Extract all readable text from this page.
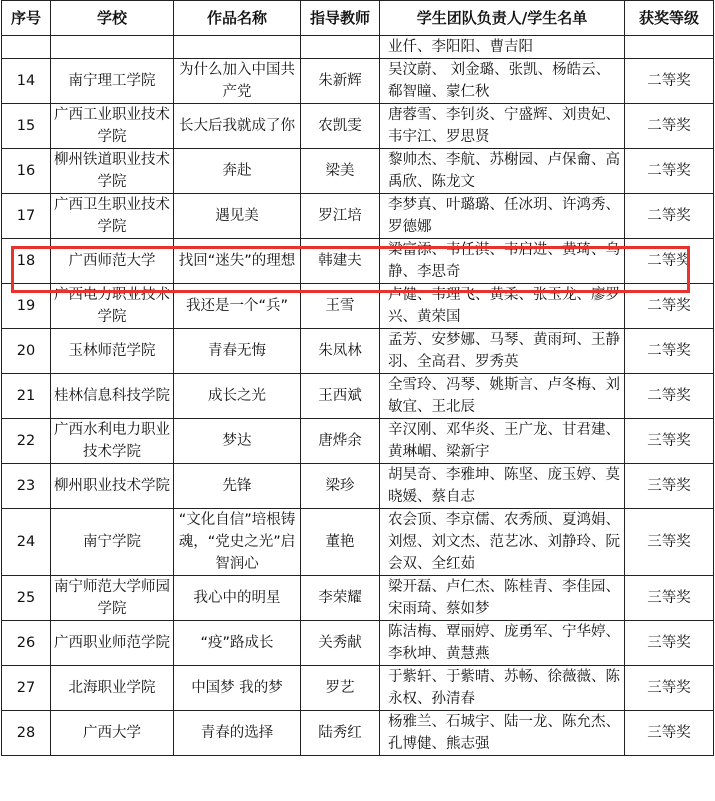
序号	学校	作品名称	指导教师	学生团队负责人/学生名单	获奖等级
				业仟、李阳阳、曹吉阳	
14	南宁理工学院	为什么加入中国共产党	朱新辉	吴汶蔚、 刘金璐、张凯、杨皓云、郗智瞳、蒙仁秋	二等奖
15	广西工业职业技术学院	长大后我就成了你	农凯雯	唐蓉雪、李钊炎、宁盛辉、刘贵妃、韦宇江、罗思贤	二等奖
16	柳州铁道职业技术学院	奔赴	梁美	黎帅杰、李航、苏榭园、卢保龠、高禹欣、陈龙文	二等奖
17	广西卫生职业技术学院	遇见美	罗江培	李梦真、叶璐璐、任冰玥、许鸿秀、罗德娜	二等奖
18	广西师范大学	找回“迷失”的理想	韩建夫	梁富添、韦任淇、韦启进、黄琦、乌静、李思奇	二等奖
19	广西电力职业技术学院	我还是一个“兵”	王雪	卢健、韦理飞、黄柔、张玉龙、廖罗兴、黄荣国	二等奖
20	玉林师范学院	青春无悔	朱凤林	孟芳、安梦娜、马琴、黄雨珂、王静羽、全高君、罗秀英	二等奖
21	桂林信息科技学院	成长之光	王西斌	全雪玲、冯琴、姚斯言、卢冬梅、刘敏宜、王北辰	二等奖
22	广西水利电力职业技术学院	梦达	唐烨余	辛汉刚、邓华炎、王广龙、甘君建、黄琳嵋、梁新宇	三等奖
23	柳州职业技术学院	先锋	梁珍	胡昊奇、李雅坤、陈坚、庞玉婷、莫晓媛、蔡自志	三等奖
24	南宁学院	“文化自信”培根铸魂，“党史之光”启智润心	董艳	农会顶、李京儒、农秀颀、夏鸿娟、刘煜、刘文杰、范艺冰、刘静玲、阮会双、全红茹	三等奖
25	南宁师范大学师园学院	我心中的明星	李荣耀	梁开磊、卢仁杰、陈桂青、李佳园、宋雨琦、蔡如梦	三等奖
26	广西职业师范学院	“疫”路成长	关秀献	陈洁梅、覃丽婷、庞勇军、宁华婷、李秋坤、黄慧燕	三等奖
27	北海职业学院	中国梦 我的梦	罗艺	于紫轩、于紫晴、苏畅、徐薇薇、陈永权、孙清春	三等奖
28	广西大学	青春的选择	陆秀红	杨雅兰、石城宇、陆一龙、陈允杰、孔博健、熊志强	三等奖
